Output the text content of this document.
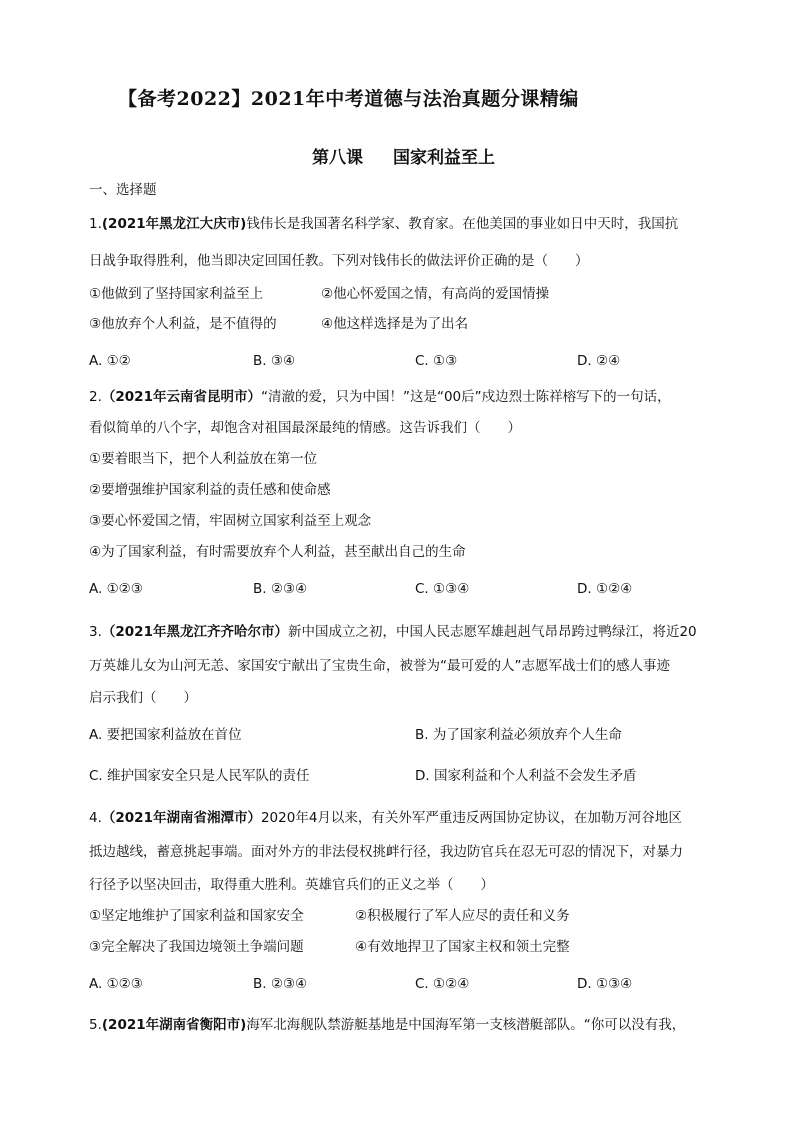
【备考2022】2021年中考道德与法治真题分课精编
第八课 国家利益至上
一、选择题
1.(2021年黑龙江大庆市)钱伟长是我国著名科学家、教育家。在他美国的事业如日中天时，我国抗
日战争取得胜利，他当即决定回国任教。下列对钱伟长的做法评价正确的是（　　）
①他做到了坚持国家利益至上	②他心怀爱国之情，有高尚的爱国情操
③他放弃个人利益，是不值得的	④他这样选择是为了出名
A. ①②	B. ③④	C. ①③	D. ②④
2.（2021年云南省昆明市）“清澈的爱，只为中国！”这是“00后”戍边烈士陈祥榕写下的一句话，
看似简单的八个字，却饱含对祖国最深最纯的情感。这告诉我们（　　）
①要着眼当下，把个人利益放在第一位
②要增强维护国家利益的责任感和使命感
③要心怀爱国之情，牢固树立国家利益至上观念
④为了国家利益，有时需要放弃个人利益，甚至献出自己的生命
A. ①②③	B. ②③④	C. ①③④	D. ①②④
3.（2021年黑龙江齐齐哈尔市）新中国成立之初，中国人民志愿军雄赳赳气昂昂跨过鸭绿江，将近20
万英雄儿女为山河无恙、家国安宁献出了宝贵生命，被誉为“最可爱的人”志愿军战士们的感人事迹
启示我们（　　）
A. 要把国家利益放在首位	B. 为了国家利益必须放弃个人生命
C. 维护国家安全只是人民军队的责任	D. 国家利益和个人利益不会发生矛盾
4.（2021年湖南省湘潭市）2020年4月以来，有关外军严重违反两国协定协议，在加勒万河谷地区
抵边越线，蓄意挑起事端。面对外方的非法侵权挑衅行径，我边防官兵在忍无可忍的情况下，对暴力
行径予以坚决回击，取得重大胜利。英雄官兵们的正义之举（　　）
①坚定地维护了国家利益和国家安全	②积极履行了军人应尽的责任和义务
③完全解决了我国边境领土争端问题	④有效地捍卫了国家主权和领土完整
A. ①②③	B. ②③④	C. ①②④	D. ①③④
5.(2021年湖南省衡阳市)海军北海舰队禁游艇基地是中国海军第一支核潜艇部队。“你可以没有我，
